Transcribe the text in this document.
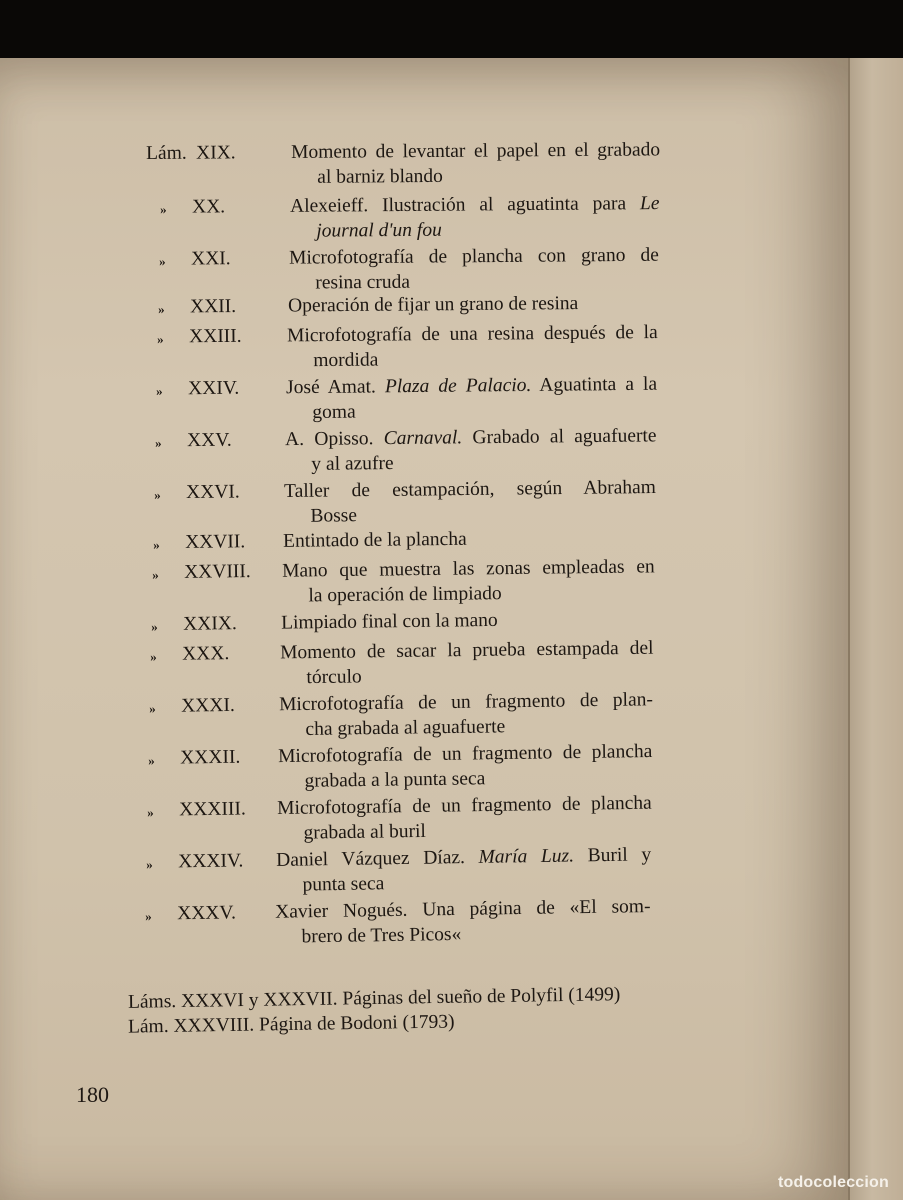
Lám. XIX.	Momento de levantar el papel en el grabado
al barniz blando
» XX.	Alexeieff. Ilustración al aguatinta para Le
journal d'un fou
» XXI.	Microfotografía de plancha con grano de
resina cruda
» XXII.	Operación de fijar un grano de resina
» XXIII. Microfotografía de una resina después de la
mordida
» XXIV. José Amat. Plaza de Palacio. Aguatinta a la
goma
» XXV.	A. Opisso. Carnaval. Grabado al aguafuerte
y al azufre
» XXVI. Taller de estampación, según Abraham
Bosse
» XXVII. Entintado de la plancha
» XXVIII. Mano que muestra las zonas empleadas en
la operación de limpiado
» XXIX. Limpiado final con la mano
» XXX.	Momento de sacar la prueba estampada del
tórculo
» XXXI. Microfotografía de un fragmento de plan-
cha grabada al aguafuerte
» XXXII. Microfotografía de un fragmento de plancha
grabada a la punta seca
» XXXIII. Microfotografía de un fragmento de plancha
grabada al buril
» XXXIV. Daniel Vázquez Díaz. María Luz. Buril y
punta seca
» XXXV. Xavier Nogués. Una página de «El som-
brero de Tres Picos«
Láms. XXXVI y XXXVII. Páginas del sueño de Polyfil (1499)
Lám. XXXVIII. Página de Bodoni (1793)
180
todocoleccion
